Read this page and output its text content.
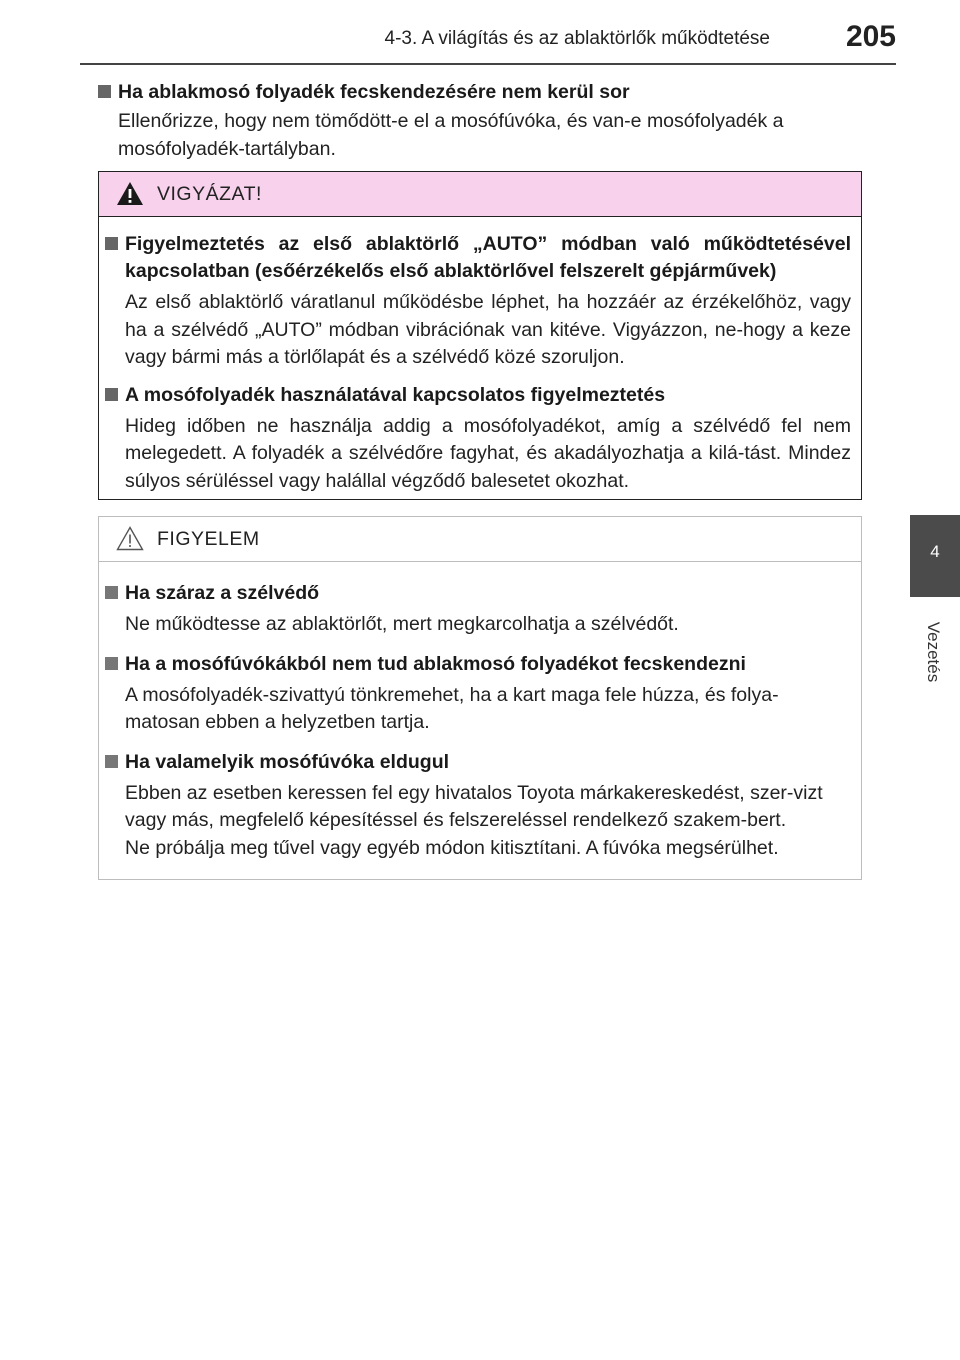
4-3. A világítás és az ablaktörlők működtetése	205
4
Vezetés
Ha ablakmosó folyadék fecskendezésére nem kerül sor
Ellenőrizze, hogy nem tömődött-e el a mosófúvóka, és van-e mosófolyadék a mosófolyadék-tartályban.
VIGYÁZAT!
Figyelmeztetés az első ablaktörlő „AUTO” módban való működtetésével
kapcsolatban (esőérzékelős első ablaktörlővel felszerelt gépjárművek)
Az első ablaktörlő váratlanul működésbe léphet, ha hozzáér az érzékelőhöz, vagy ha a szélvédő „AUTO” módban vibrációnak van kitéve. Vigyázzon, ne-hogy a keze vagy bármi más a törlőlapát és a szélvédő közé szoruljon.
A mosófolyadék használatával kapcsolatos figyelmeztetés
Hideg időben ne használja addig a mosófolyadékot, amíg a szélvédő fel nem melegedett. A folyadék a szélvédőre fagyhat, és akadályozhatja a kilá-tást. Mindez súlyos sérüléssel vagy halállal végződő balesetet okozhat.
FIGYELEM
Ha száraz a szélvédő
Ne működtesse az ablaktörlőt, mert megkarcolhatja a szélvédőt.
Ha a mosófúvókákból nem tud ablakmosó folyadékot fecskendezni
A mosófolyadék-szivattyú tönkremehet, ha a kart maga fele húzza, és folya-matosan ebben a helyzetben tartja.
Ha valamelyik mosófúvóka eldugul
Ebben az esetben keressen fel egy hivatalos Toyota márkakereskedést, szer-vizt vagy más, megfelelő képesítéssel és felszereléssel rendelkező szakem-bert.
Ne próbálja meg tűvel vagy egyéb módon kitisztítani. A fúvóka megsérülhet.
